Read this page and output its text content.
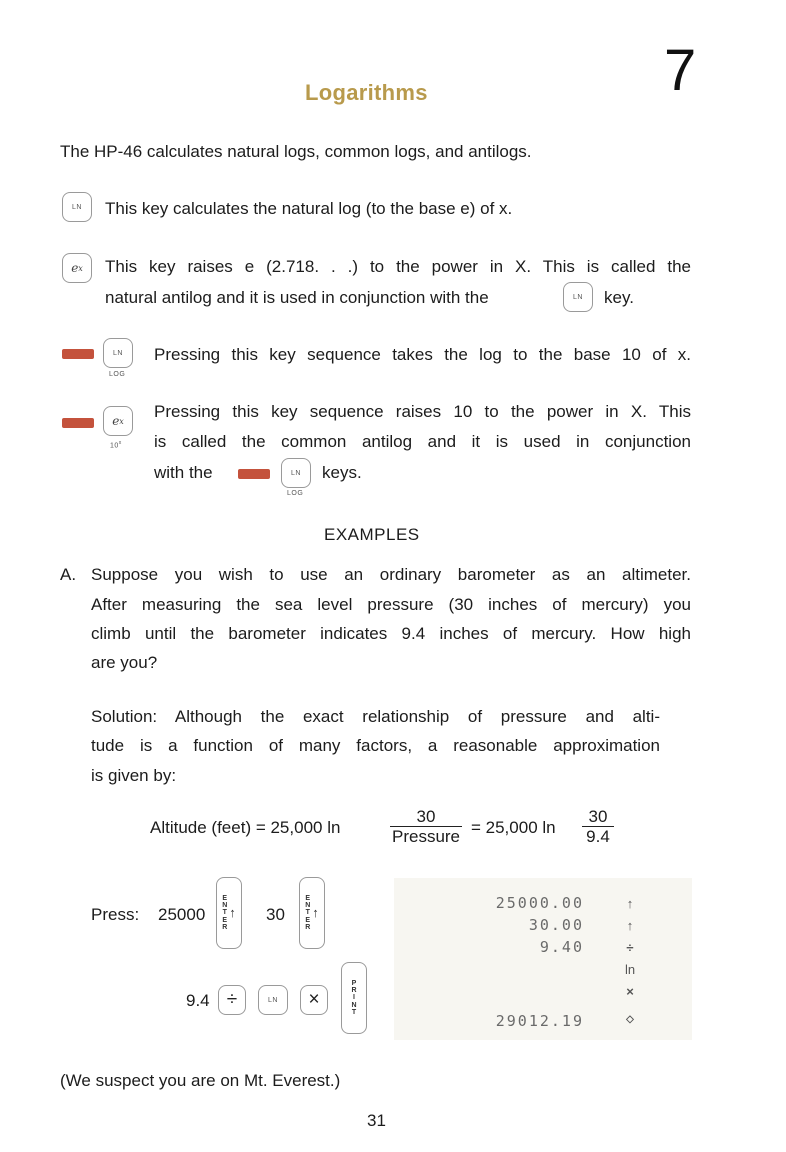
Logarithms	7
The HP-46 calculates natural logs, common logs, and antilogs.
LN	This key calculates the natural log (to the base e) of x.
e x This key raises e (2.718. . .) to the power in X. This is called the
natural antilog and it is used in conjunction with the	LN	key.
LN
LOG
Pressing this key sequence takes the log to the base 10 of x.
e x
10$^x$
Pressing this key sequence raises 10 to the power in X. This
is called the common antilog and it is used in conjunction
with the	LN
LOG
keys.
EXAMPLES
A. Suppose you wish to use an ordinary barometer as an altimeter.
After measuring the sea level pressure (30 inches of mercury) you
climb until the barometer indicates 9.4 inches of mercury. How high
are you?
Solution: Although the exact relationship of pressure and alti-
tude is a function of many factors, a reasonable approximation
is given by:
Altitude (feet) = 25,000 ln
30
Pressure = 25,000 $\ln \frac{30}{9.4}$
Press: 25000
E
N
T
E
R
↑ 30
E
N
T
E
R
↑
9.4 ÷	LN	×
P
R
I
N
T
25000.00	↑
30.00	↑
9.40	÷
ln
×
29012.19	◇
(We suspect you are on Mt. Everest.)
31
